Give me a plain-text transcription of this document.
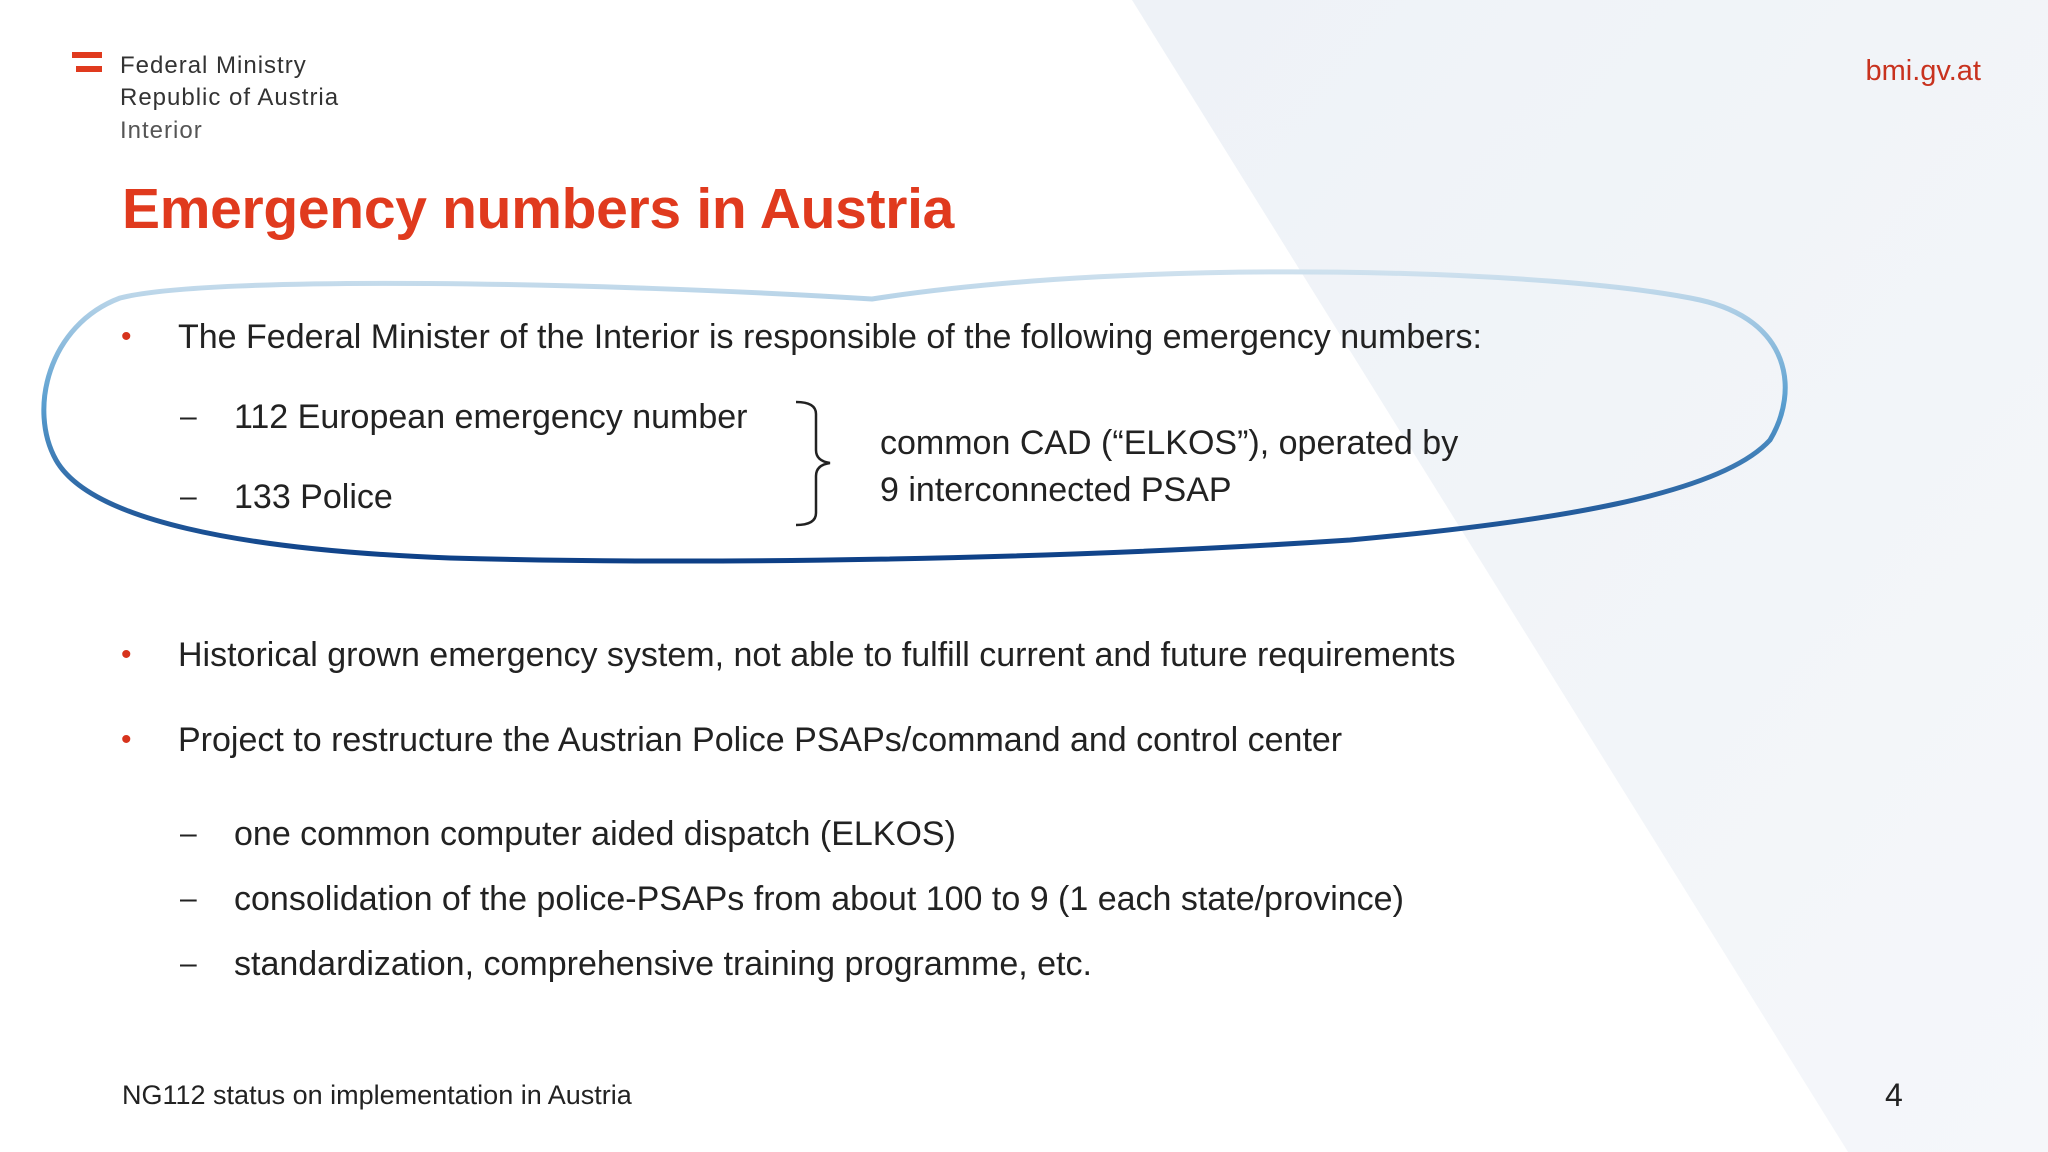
Federal Ministry
Republic of Austria
Interior
bmi.gv.at
Emergency numbers in Austria
• The Federal Minister of the Interior is responsible of the following emergency numbers:
– 112 European emergency number
– 133 Police
common CAD (“ELKOS”), operated by
9 interconnected PSAP
• Historical grown emergency system, not able to fulfill current and future requirements
• Project to restructure the Austrian Police PSAPs/command and control center
– one common computer aided dispatch (ELKOS)
– consolidation of the police-PSAPs from about 100 to 9 (1 each state/province)
– standardization, comprehensive training programme, etc.
NG112 status on implementation in Austria	4
